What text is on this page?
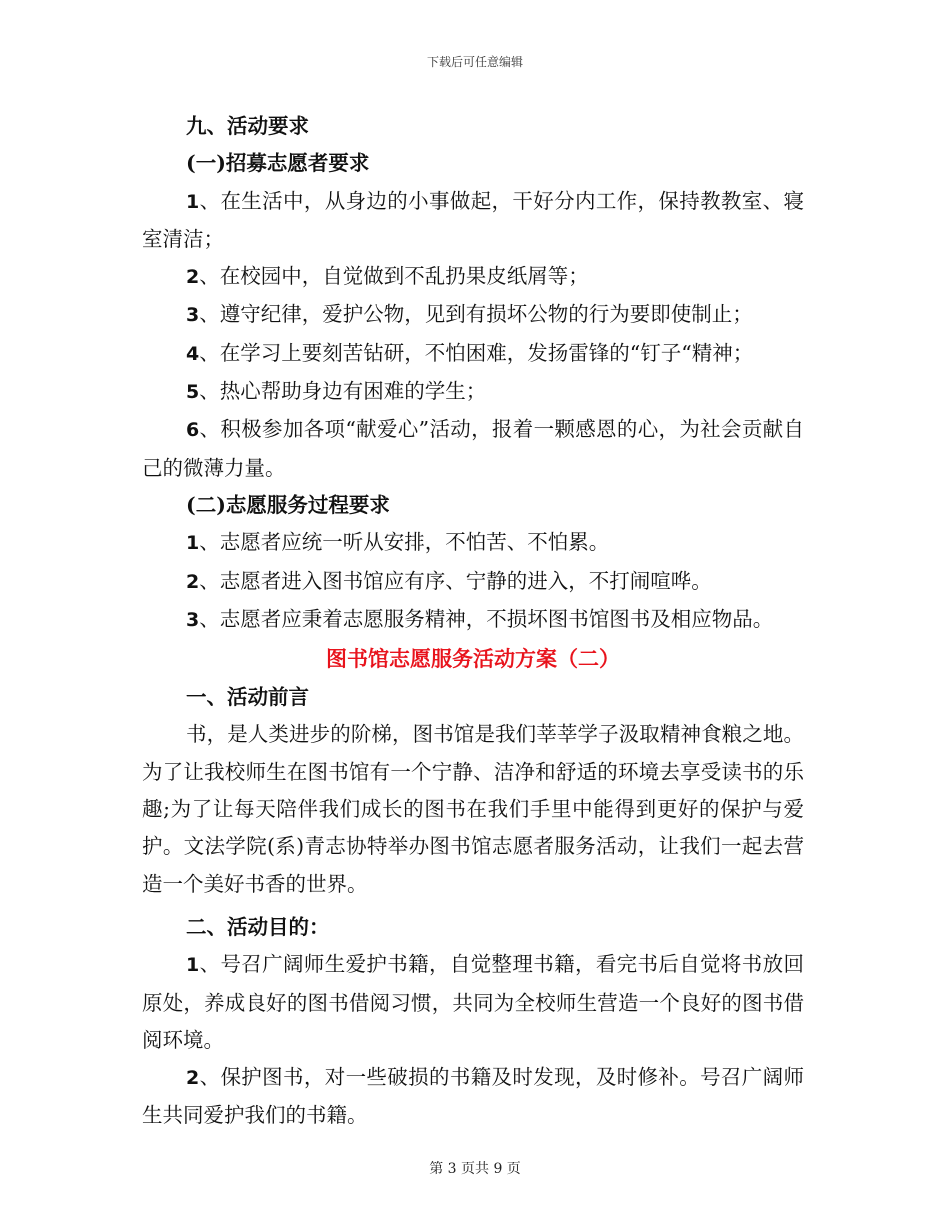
下载后可任意编辑

九、活动要求

(一)招募志愿者要求

1、在生活中，从身边的小事做起，干好分内工作，保持教教室、寝室清洁；

2、在校园中，自觉做到不乱扔果皮纸屑等；

3、遵守纪律，爱护公物，见到有损坏公物的行为要即使制止；

4、在学习上要刻苦钻研，不怕困难，发扬雷锋的“钉子“精神；

5、热心帮助身边有困难的学生；

6、积极参加各项“献爱心”活动，报着一颗感恩的心，为社会贡献自己的微薄力量。

(二)志愿服务过程要求

1、志愿者应统一听从安排，不怕苦、不怕累。

2、志愿者进入图书馆应有序、宁静的进入，不打闹喧哗。

3、志愿者应秉着志愿服务精神，不损坏图书馆图书及相应物品。

图书馆志愿服务活动方案（二）

一、活动前言

书，是人类进步的阶梯，图书馆是我们莘莘学子汲取精神食粮之地。为了让我校师生在图书馆有一个宁静、洁净和舒适的环境去享受读书的乐趣;为了让每天陪伴我们成长的图书在我们手里中能得到更好的保护与爱护。文法学院(系)青志协特举办图书馆志愿者服务活动，让我们一起去营造一个美好书香的世界。

二、活动目的：

1、号召广阔师生爱护书籍，自觉整理书籍，看完书后自觉将书放回原处，养成良好的图书借阅习惯，共同为全校师生营造一个良好的图书借阅环境。

2、保护图书，对一些破损的书籍及时发现，及时修补。号召广阔师生共同爱护我们的书籍。

第 3 页共 9 页
